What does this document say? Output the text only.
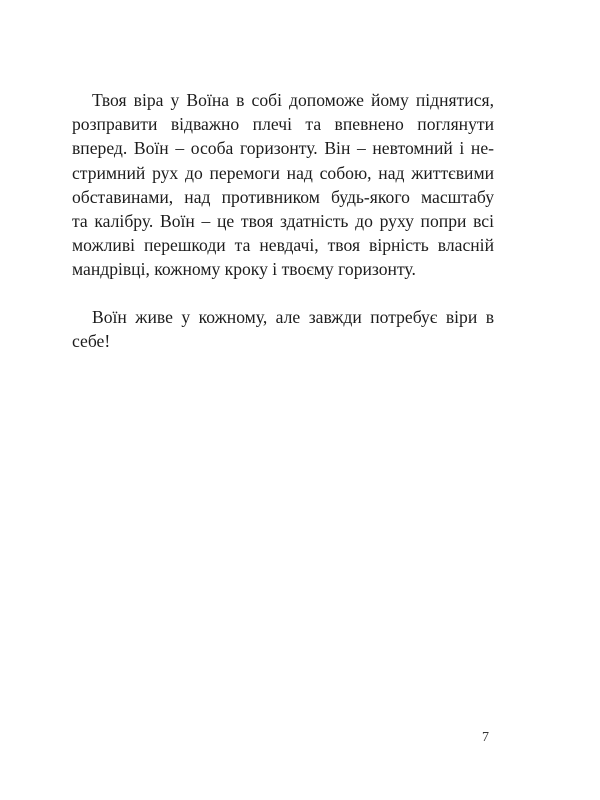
Твоя віра у Воїна в собі допоможе йому піднятися,
розправити відважно плечі та впевнено поглянути
вперед. Воїн – особа горизонту. Він – невтомний і не-
стримний рух до перемоги над собою, над життєвими
обставинами, над противником будь-якого масштабу
та калібру. Воїн – це твоя здатність до руху попри всі
можливі перешкоди та невдачі, твоя вірність власній
мандрівці, кожному кроку і твоєму горизонту.
Воїн живе у кожному, але завжди потребує віри в
себе!
7
